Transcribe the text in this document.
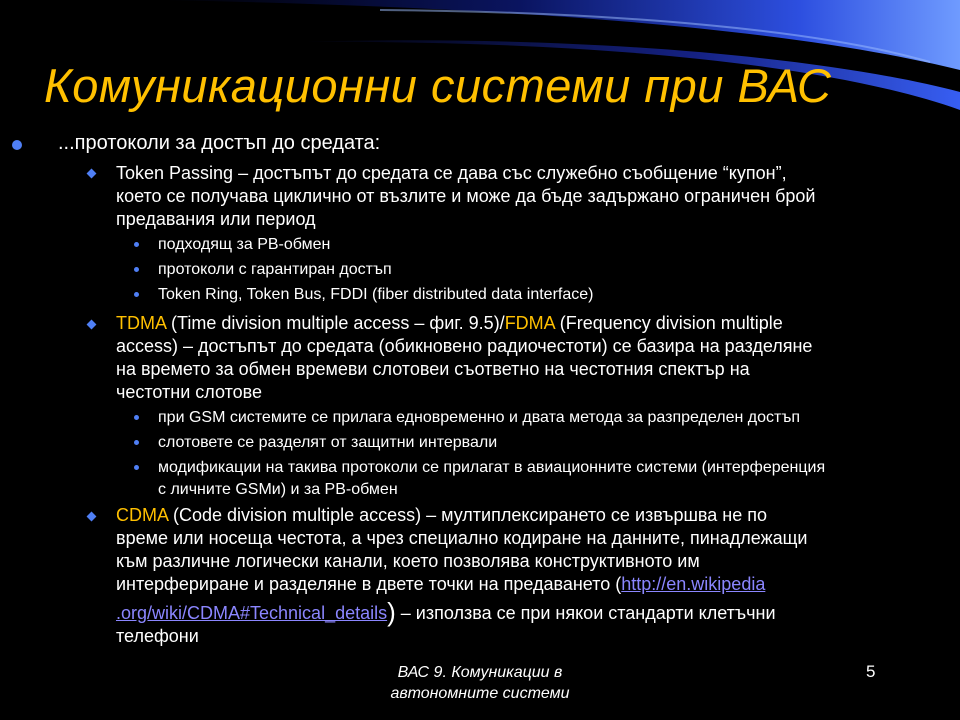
Комуникационни системи при ВАС
...протоколи за достъп до средата:
Token Passing – достъпът до средата се дава със служебно съобщение “купон”,
което се получава циклично от възлите и може да бъде задържано ограничен брой
предавания или период
подходящ за РВ-обмен
протоколи с гарантиран достъп
Token Ring, Token Bus, FDDI (fiber distributed data interface)
TDMA (Time division multiple access – фиг. 9.5)/FDMA (Frequency division multiple
access) – достъпът до средата (обикновено радиочестоти) се базира на разделяне
на времето за обмен времеви слотовеи съответно на честотния спектър на
честотни слотове
при GSM системите се прилага едновременно и двата метода за разпределен достъп
слотовете се разделят от защитни интервали
модификации на такива протоколи се прилагат в авиационните системи (интерференция
с личните GSMи) и за РВ-обмен
CDMA (Code division multiple access) – мултиплексирането се извършва не по
време или носеща честота, а чрез специално кодиране на данните, пинадлежащи
към различне логически канали, което позволява конструктивното им
интерфериране и разделяне в двете точки на предаването (http://en.wikipedia
.org/wiki/CDMA#Technical_details) – използва се при някои стандарти клетъчни
телефони
ВАС 9. Комуникации в
автономните системи
5
